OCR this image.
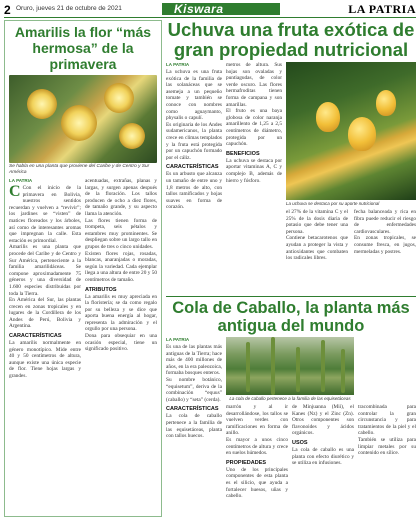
2 Oruro, jueves 21 de octubre de 2021	Kiswara	LA PATRIA
Amarilis la flor “más hermosa” de la primavera
Se habla en una planta que proviene del Caribe y de Centro y Sur América
LA PATRIA

C Con el inicio de la primavera en Bolivia, nuestros sentidos recuerdan y vuelven a “revivir”; los jardines se “visten” de matices floreados y los árboles, así como de interesantes aromas que impregnan la calle. Esta estación es primordial.

Amarilis es una planta que procede del Caribe y de Centro y Sur América, perteneciente a la familia amarilidáceas. Se compone aproximadamente 75 géneros y una diversidad de 1.600 especies distribuidas por toda la Tierra.

En América del Sur, las plantas crecen en zonas tropicales y en lugares de la Cordillera de los Andes de Perú, Bolivia y Argentina.

CARACTERÍSTICAS

La amarilis normalmente en género monotípico. Mide entre 40 y 50 centímetros de altura, aunque existe una única especie de flor. Tiene hojas largas y grandes.

acentuadas, extrañas, planas y largas, y surgen apenas después de la floración. Los tallos producen de ocho a diez flores, de tamaño grande, y su aspecto llama la atención.

Las flores tienen forma de trompeta, seis pétalos y estambres muy prominentes. Se despliegan sobre un largo tallo en grupos de tres o cinco unidades.

Existen flores rojas, rosadas, blancas, anaranjadas o moradas, según la variedad. Cada ejemplar llega a una altura de entre 20 y 50 centímetros de tamaño.

ATRIBUTOS

La amarilis es muy apreciada en la floristería; se da como regalo por su belleza y se dice que aporta buena energía al hogar, representa la admiración y el orgullo por una persona.

Dona para obsequiar en una ocasión especial, tiene un significado positivo.

Uchuva una fruta exótica de gran propiedad nutricional
LA PATRIA

La uchuva es una fruta exótica de la familia de las solanáceas que se asemeja a un pequeño tomate y también se conoce con nombres como aguaymanto, physalis o capulí.

Es originaria de los Andes sudamericanos, la planta crece en climas templados y la fruta está protegida por un capuchón formado por el cáliz.

CARACTERÍSTICAS

Es un arbusto que alcanza un tamaño de entre uno y 1,8 metros de alto, con tallos ramificados y hojas suaves en forma de corazón.

metros de altura. Sus hojas son ovaladas y puntiagudas, de color verde oscuro. Las flores hermafroditas tienen forma de campana y son amarillas.

El fruto es una baya globosa de color naranja amarillento de 1,25 a 2,5 centímetros de diámetro, protegida por un capuchón.

BENEFICIOS

La uchuva se destaca por aportar vitaminas A, C y complejo B, además de hierro y fósforo.

La uchuva se destaca por su aporte nutricional

el 27% de la vitamina C y el 25% de la dosis diaria de potasio que debe tener una persona.

Contiene betacarotenos que ayudan a proteger la vista y antioxidantes que combaten los radicales libres.

fecha balanceada y rica en fibra puede reducir el riesgo de enfermedades cardiovasculares.

En zonas tropicales, se consume fresca, en jugos, mermeladas y postres.

Cola de Caballo, la planta más antigua del mundo
LA PATRIA

Es una de las plantas más antiguas de la Tierra; hace más de 400 millones de años, en la era paleozoica, formaba bosques enteros.

Su nombre botánico, “equisetum”, deriva de la combinación “equus” (caballo) y “seta” (cerda).

CARACTERÍSTICAS

La cola de caballo pertenece a la familia de las equisetáceas, planta con tallos huecos.

La cola de caballo pertenece a la familia de las equisetáceas

marrón y al ir desarrollándose, los tallos se vuelven verdes con ramificaciones en forma de anillo.

Es mayor a unos cinco centímetros de altura y crece en suelos húmedos.

PROPIEDADES

Uno de los principales componentes de esta planta es el silicio, que ayuda a fortalecer huesos, uñas y cabello.

de Minjuanna (Mii), el Kanes (Nz) y el Zinc (Zn). Otros componentes son flavonoides y ácidos orgánicos.

USOS

La cola de caballo es una planta con efecto diurético y se utiliza en infusiones.

tracombinada para controlar la gran circunstancia y para tratamientos de la piel y el cabello.

También se utiliza para limpiar metales por su contenido en sílice.
